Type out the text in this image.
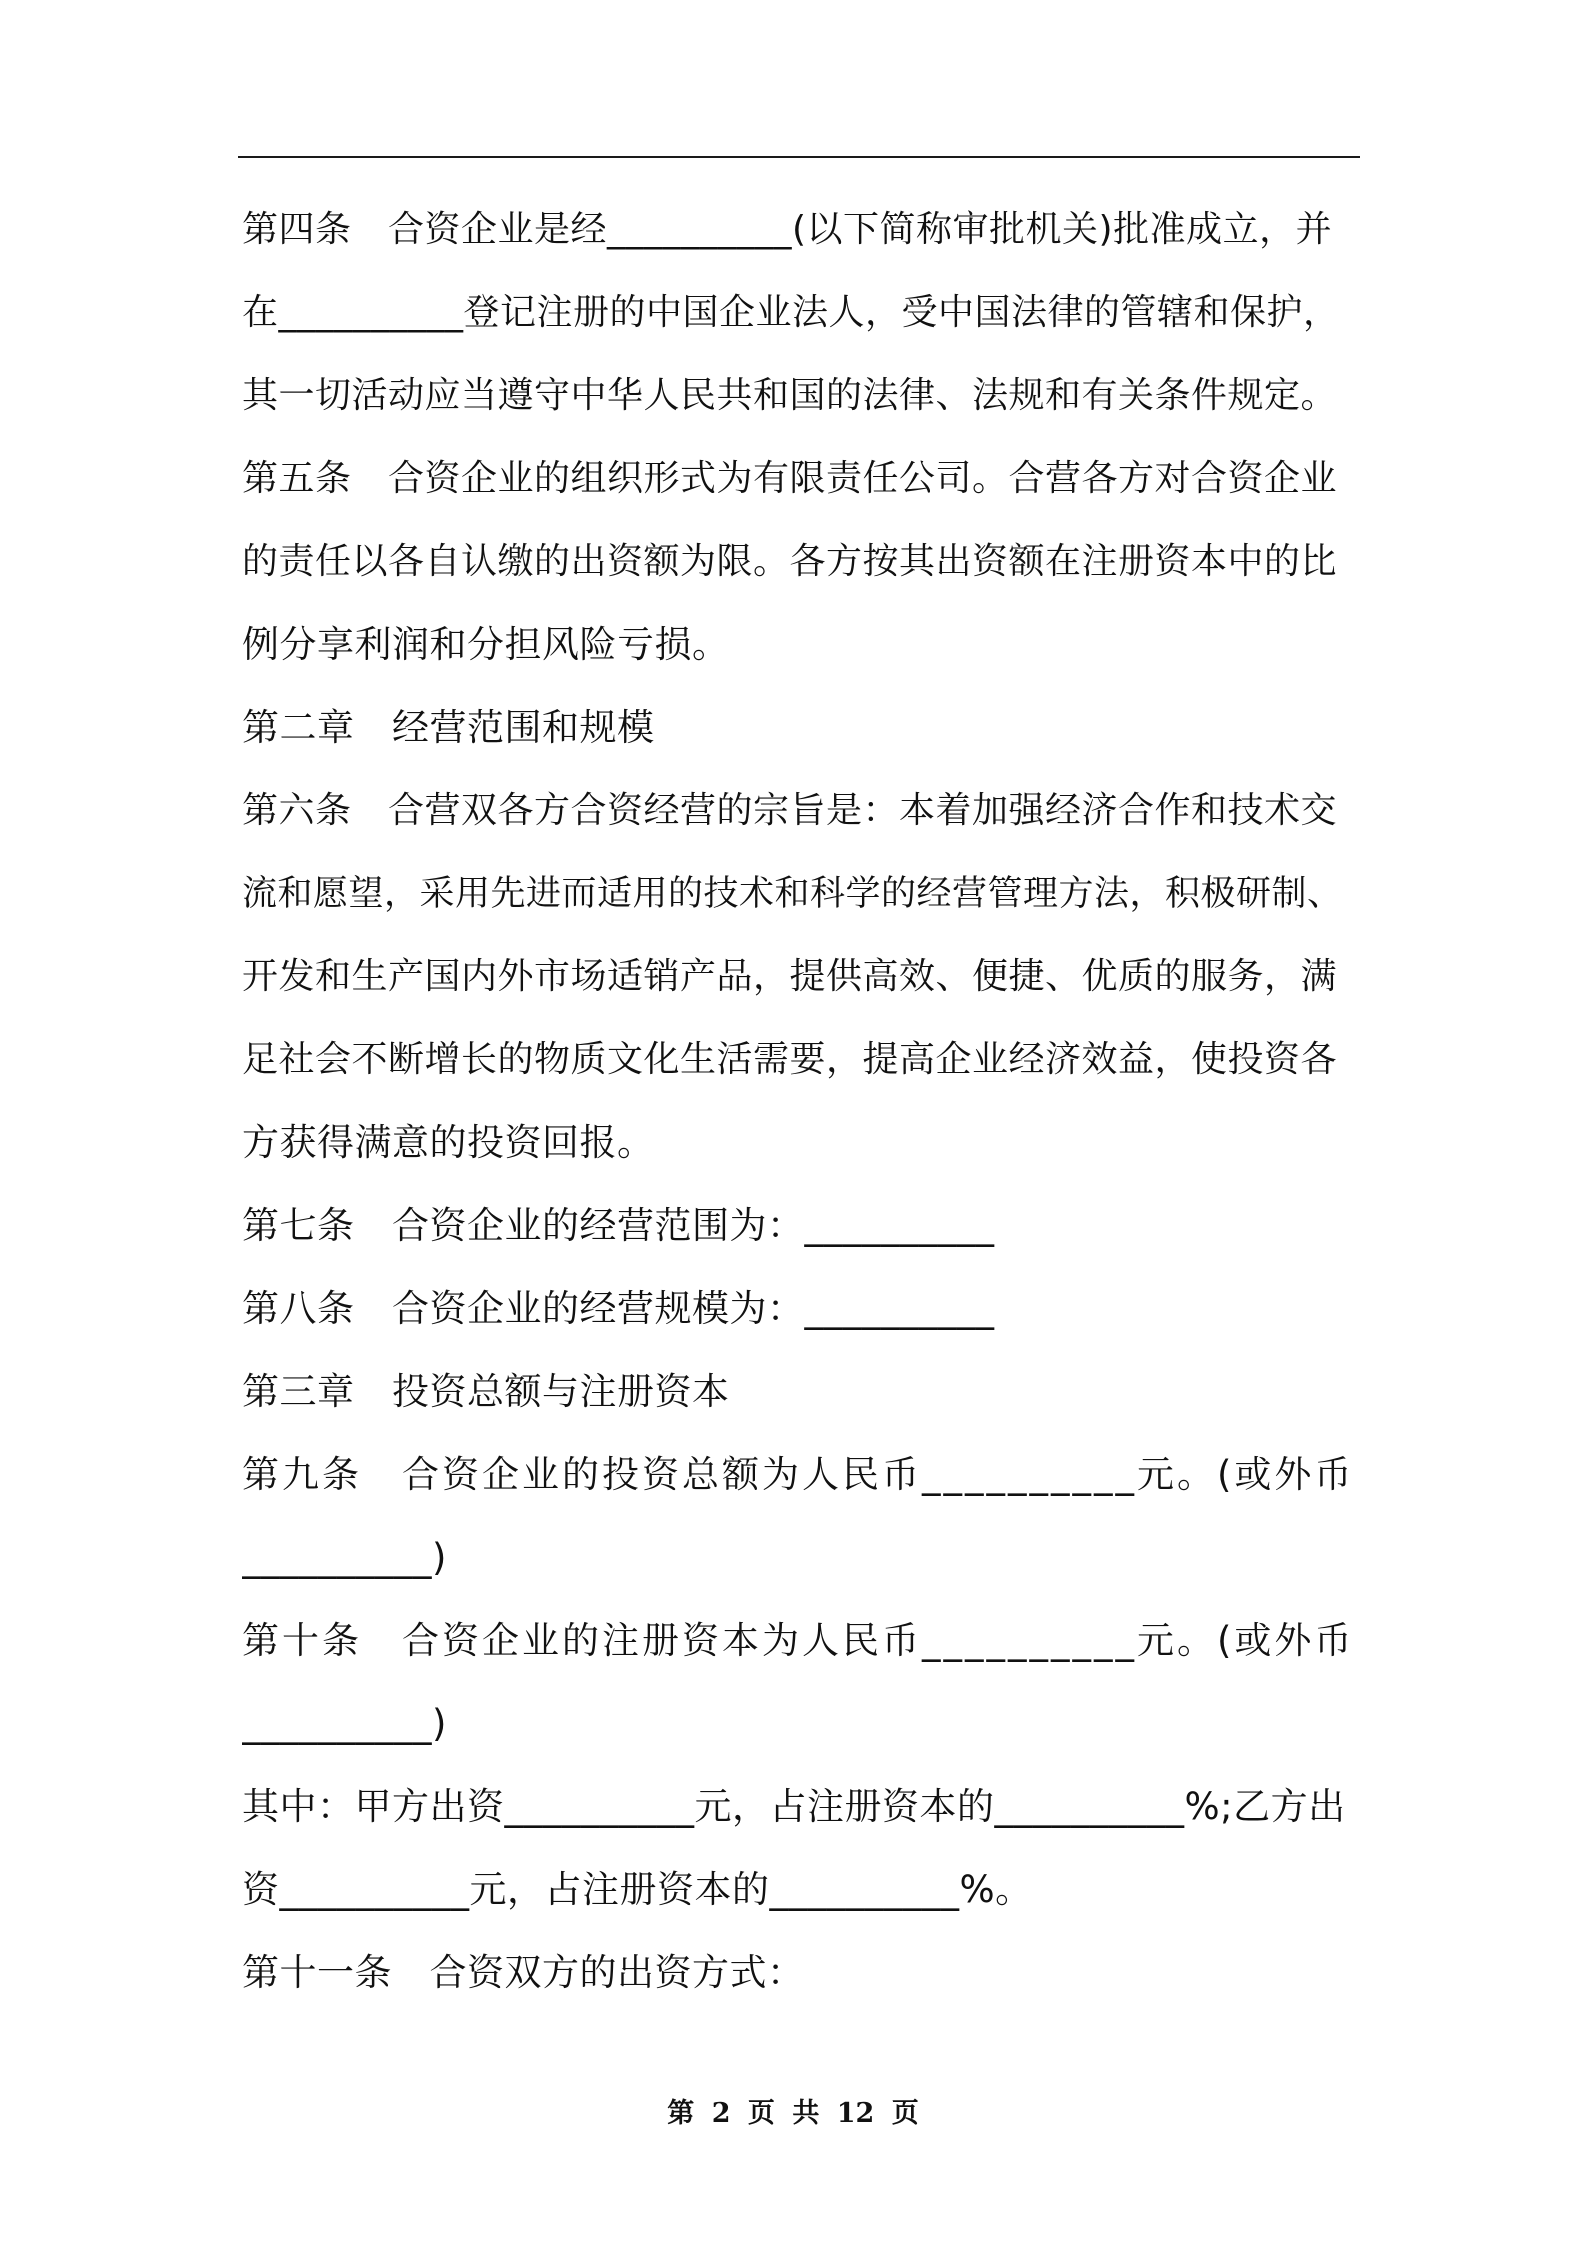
第四条　合资企业是经__________(以下简称审批机关)批准成立，并
在__________登记注册的中国企业法人，受中国法律的管辖和保护，
其一切活动应当遵守中华人民共和国的法律、法规和有关条件规定。
第五条　合资企业的组织形式为有限责任公司。合营各方对合资企业
的责任以各自认缴的出资额为限。各方按其出资额在注册资本中的比
例分享利润和分担风险亏损。
第二章　经营范围和规模
第六条　合营双各方合资经营的宗旨是：本着加强经济合作和技术交
流和愿望，采用先进而适用的技术和科学的经营管理方法，积极研制、
开发和生产国内外市场适销产品，提供高效、便捷、优质的服务，满
足社会不断增长的物质文化生活需要，提高企业经济效益，使投资各
方获得满意的投资回报。
第七条　合资企业的经营范围为：__________
第八条　合资企业的经营规模为：__________
第三章　投资总额与注册资本
第九条　合资企业的投资总额为人民币__________元。(或外币
__________)
第十条　合资企业的注册资本为人民币__________元。(或外币
__________)
其中：甲方出资__________元，占注册资本的__________%;乙方出
资__________元，占注册资本的__________%。
第十一条　合资双方的出资方式：
第 2 页 共 12 页
